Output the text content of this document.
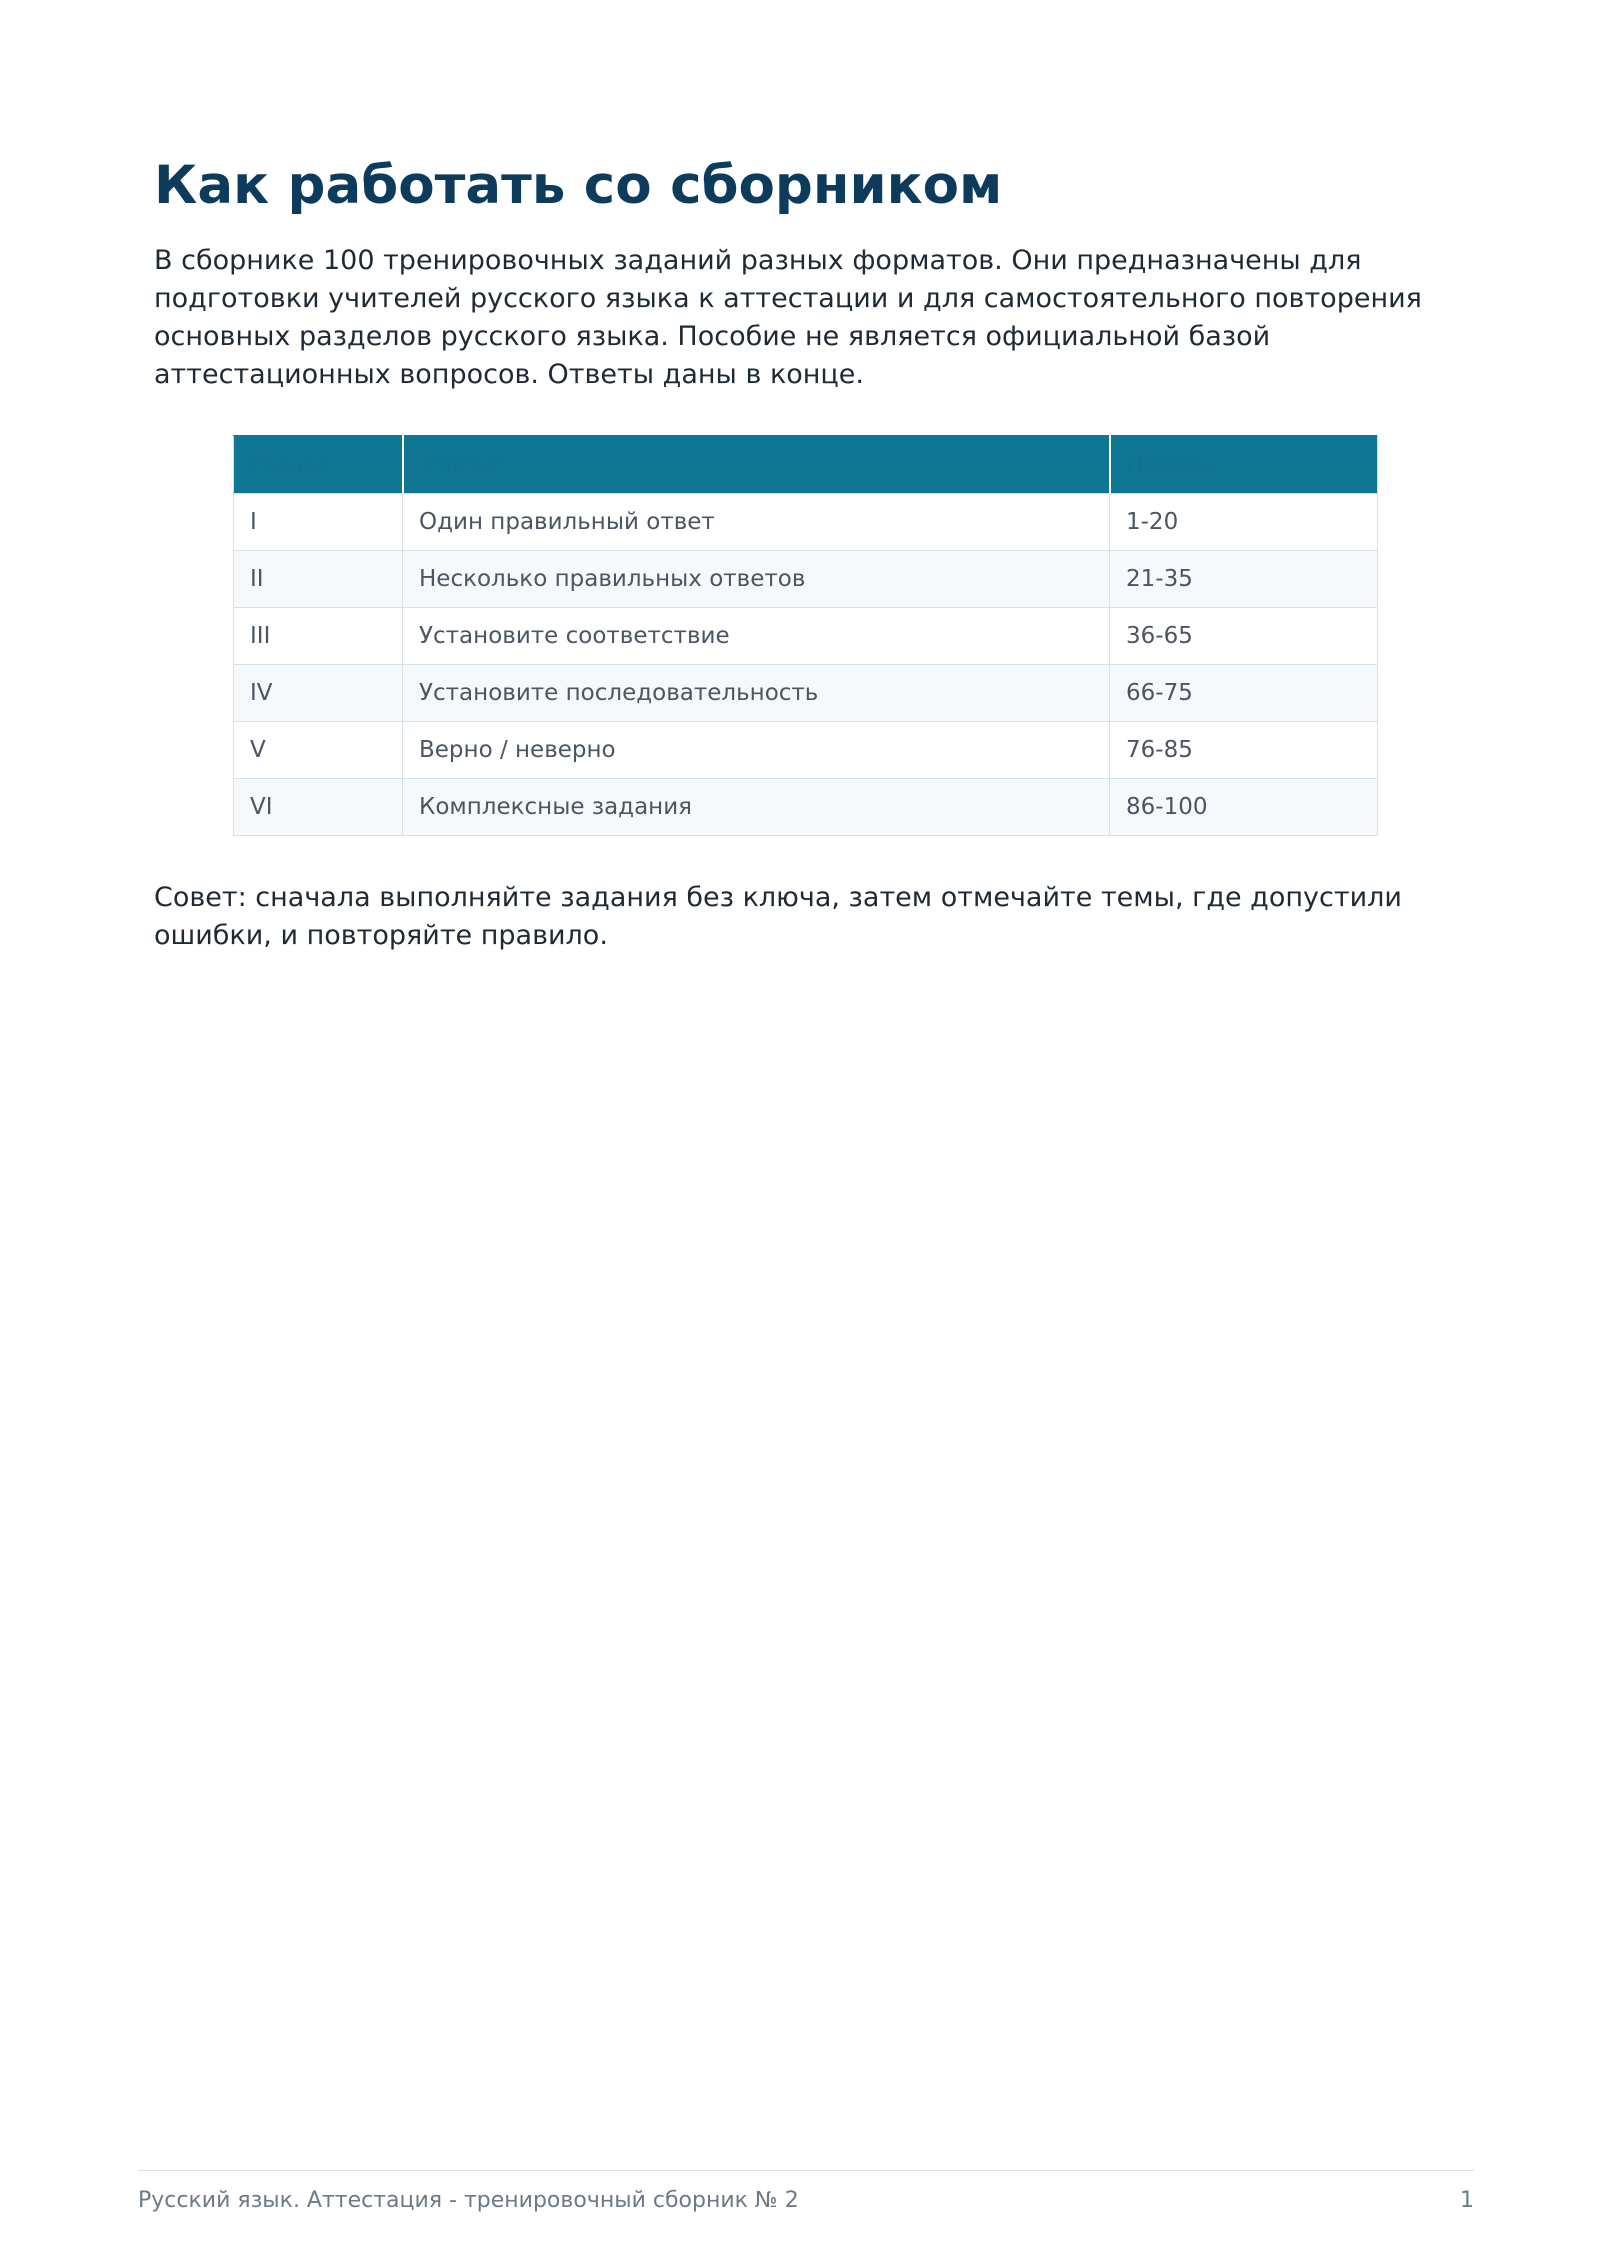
Как работать со сборником

В сборнике 100 тренировочных заданий разных форматов. Они предназначены для подготовки учителей русского языка к аттестации и для самостоятельного повторения основных разделов русского языка. Пособие не является официальной базой аттестационных вопросов. Ответы даны в конце.

Раздел	Формат	Номера
I	Один правильный ответ	1-20
II	Несколько правильных ответов	21-35
III	Установите соответствие	36-65
IV	Установите последовательность	66-75
V	Верно / неверно	76-85
VI	Комплексные задания	86-100

Совет: сначала выполняйте задания без ключа, затем отмечайте темы, где допустили ошибки, и повторяйте правило.

Русский язык. Аттестация - тренировочный сборник № 2	1
